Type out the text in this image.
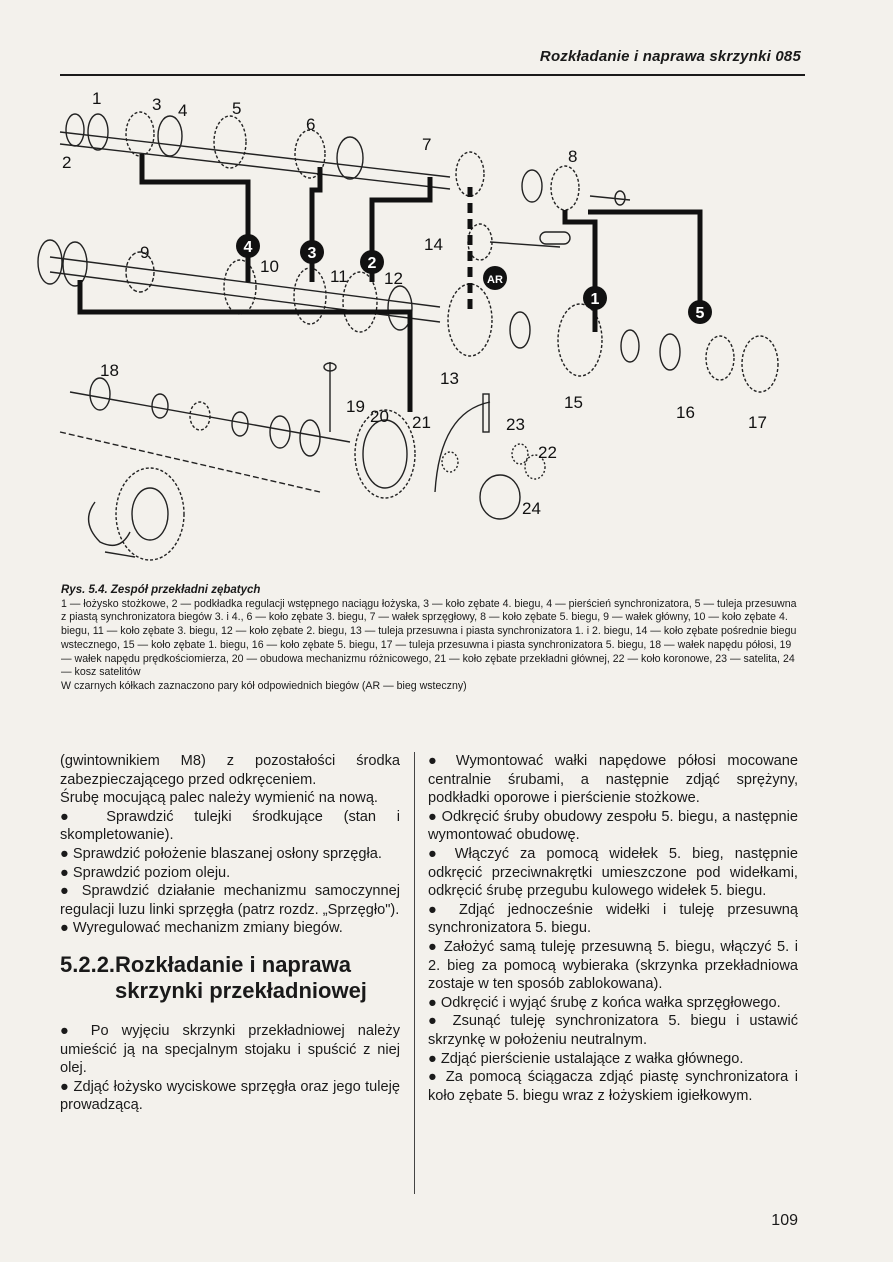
Rozkładanie i naprawa skrzynki 085
4	3
2
1
5
AR
1
2
3 4	5
6
7
8
9
10
11 12
13
14
15
16
17
18
19
20 21
22
23
24

Rys. 5.4. Zespół przekładni zębatych

1 — łożysko stożkowe, 2 — podkładka regulacji wstępnego naciągu łożyska, 3 — koło zębate 4. biegu, 4 — pierścień synchronizatora, 5 — tuleja przesuwna z piastą synchronizatora biegów 3. i 4., 6 — koło zębate 3. biegu, 7 — wałek sprzęgłowy, 8 — koło zębate 5. biegu, 9 — wałek główny, 10 — koło zębate 4. biegu, 11 — koło zębate 3. biegu, 12 — koło zębate 2. biegu, 13 — tuleja przesuwna i piasta synchronizatora 1. i 2. biegu, 14 — koło zębate pośrednie biegu wstecznego, 15 — koło zębate 1. biegu, 16 — koło zębate 5. biegu, 17 — tuleja przesuwna i piasta synchronizatora 5. biegu, 18 — wałek napędu półosi, 19 — wałek napędu prędkościomierza, 20 — obudowa mechanizmu różnicowego, 21 — koło zębate przekładni głównej, 22 — koło koronowe, 23 — satelita, 24 — kosz satelitów

W czarnych kółkach zaznaczono pary kół odpowiednich biegów (AR — bieg wsteczny)

(gwintownikiem M8) z pozostałości środka zabezpieczającego przed odkręceniem.

Śrubę mocującą palec należy wymienić na nową.

● Sprawdzić tulejki środkujące (stan i skompletowanie).

● Sprawdzić położenie blaszanej osłony sprzęgła.

● Sprawdzić poziom oleju.

● Sprawdzić działanie mechanizmu samoczynnej regulacji luzu linki sprzęgła (patrz rozdz. „Sprzęgło").

● Wyregulować mechanizm zmiany biegów.

5.2.2. Rozkładanie i naprawa skrzynki przekładniowej

● Po wyjęciu skrzynki przekładniowej należy umieścić ją na specjalnym stojaku i spuścić z niej olej.

● Zdjąć łożysko wyciskowe sprzęgła oraz jego tuleję prowadzącą.

● Wymontować wałki napędowe półosi mocowane centralnie śrubami, a następnie zdjąć sprężyny, podkładki oporowe i pierścienie stożkowe.

● Odkręcić śruby obudowy zespołu 5. biegu, a następnie wymontować obudowę.

● Włączyć za pomocą widełek 5. bieg, następnie odkręcić przeciwnakrętki umieszczone pod widełkami, odkręcić śrubę przegubu kulowego widełek 5. biegu.

● Zdjąć jednocześnie widełki i tuleję przesuwną synchronizatora 5. biegu.

● Założyć samą tuleję przesuwną 5. biegu, włączyć 5. i 2. bieg za pomocą wybieraka (skrzynka przekładniowa zostaje w ten sposób zablokowana).

● Odkręcić i wyjąć śrubę z końca wałka sprzęgłowego.

● Zsunąć tuleję synchronizatora 5. biegu i ustawić skrzynkę w położeniu neutralnym.

● Zdjąć pierścienie ustalające z wałka głównego.

● Za pomocą ściągacza zdjąć piastę synchronizatora i koło zębate 5. biegu wraz z łożyskiem igiełkowym.

109
